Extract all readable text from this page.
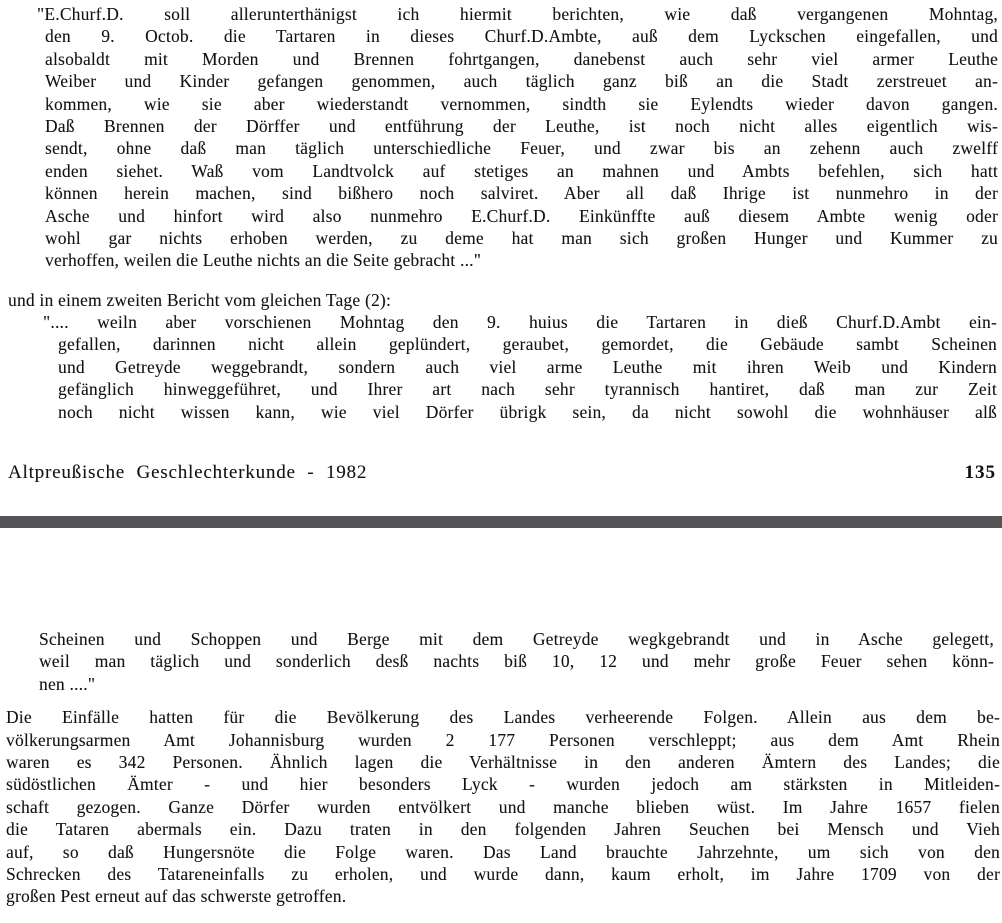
"E.Churf.D. soll allerunterthänigst ich hiermit berichten, wie daß vergangenen Mohntag,
den 9. Octob. die Tartaren in dieses Churf.D.Ambte, auß dem Lyckschen eingefallen, und
alsobaldt mit Morden und Brennen fohrtgangen, danebenst auch sehr viel armer Leuthe
Weiber und Kinder gefangen genommen, auch täglich ganz biß an die Stadt zerstreuet an-
kommen, wie sie aber wiederstandt vernommen, sindth sie Eylendts wieder davon gangen.
Daß Brennen der Dörffer und entführung der Leuthe, ist noch nicht alles eigentlich wis-
sendt, ohne daß man täglich unterschiedliche Feuer, und zwar bis an zehenn auch zwelff
enden siehet. Waß vom Landtvolck auf stetiges an mahnen und Ambts befehlen, sich hatt
können herein machen, sind bißhero noch salviret. Aber all daß Ihrige ist nunmehro in der
Asche und hinfort wird also nunmehro E.Churf.D. Einkünffte auß diesem Ambte wenig oder
wohl gar nichts erhoben werden, zu deme hat man sich großen Hunger und Kummer zu
verhoffen, weilen die Leuthe nichts an die Seite gebracht ..."
und in einem zweiten Bericht vom gleichen Tage (2):
".... weiln aber vorschienen Mohntag den 9. huius die Tartaren in dieß Churf.D.Ambt ein-
gefallen, darinnen nicht allein geplündert, geraubet, gemordet, die Gebäude sambt Scheinen
und Getreyde weggebrandt, sondern auch viel arme Leuthe mit ihren Weib und Kindern
gefänglich hinweggeführet, und Ihrer art nach sehr tyrannisch hantiret, daß man zur Zeit
noch nicht wissen kann, wie viel Dörfer übrigk sein, da nicht sowohl die wohnhäuser alß
Altpreußische Geschlechterkunde - 1982	135
Scheinen und Schoppen und Berge mit dem Getreyde wegkgebrandt und in Asche gelegett,
weil man täglich und sonderlich desß nachts biß 10, 12 und mehr große Feuer sehen könn-
nen ...."
Die Einfälle hatten für die Bevölkerung des Landes verheerende Folgen. Allein aus dem be-
völkerungsarmen Amt Johannisburg wurden 2 177 Personen verschleppt; aus dem Amt Rhein
waren es 342 Personen. Ähnlich lagen die Verhältnisse in den anderen Ämtern des Landes; die
südöstlichen Ämter - und hier besonders Lyck - wurden jedoch am stärksten in Mitleiden-
schaft gezogen. Ganze Dörfer wurden entvölkert und manche blieben wüst. Im Jahre 1657 fielen
die Tataren abermals ein. Dazu traten in den folgenden Jahren Seuchen bei Mensch und Vieh
auf, so daß Hungersnöte die Folge waren. Das Land brauchte Jahrzehnte, um sich von den
Schrecken des Tatareneinfalls zu erholen, und wurde dann, kaum erholt, im Jahre 1709 von der
großen Pest erneut auf das schwerste getroffen.
